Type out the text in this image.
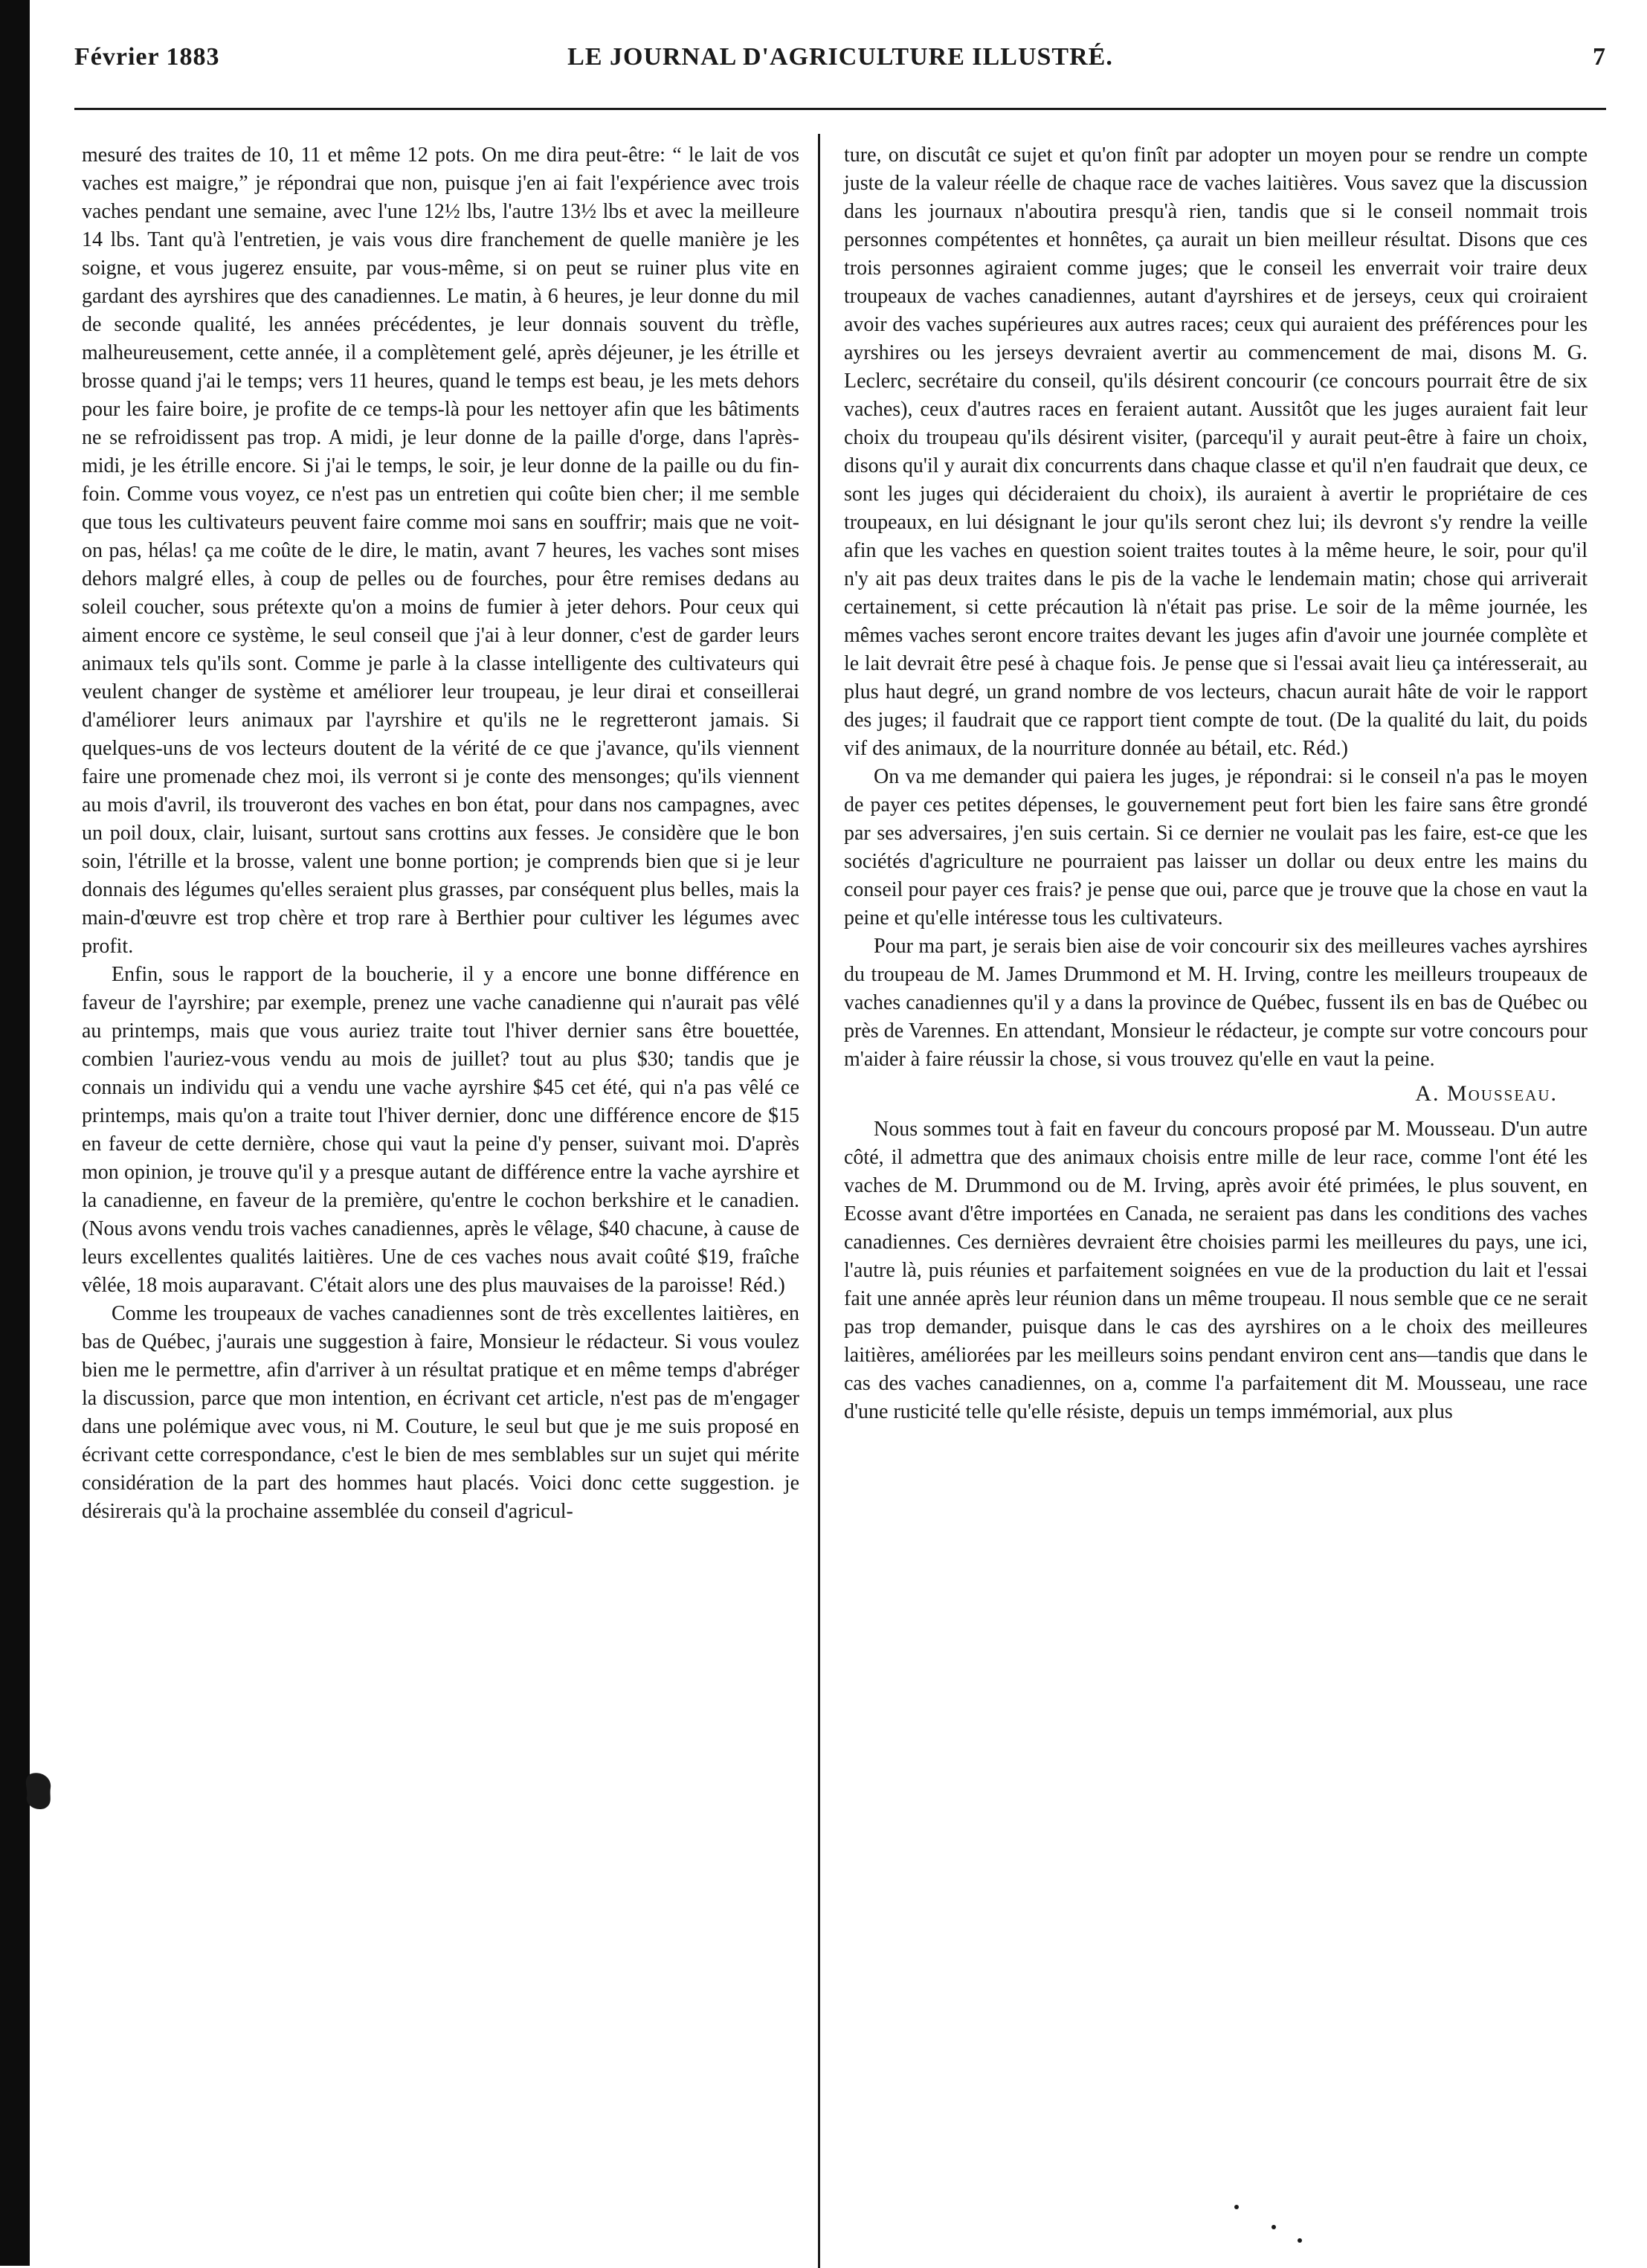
Février 1883	LE JOURNAL D'AGRICULTURE ILLUSTRÉ.	7

mesuré des traites de 10, 11 et même 12 pots. On me dira peut-être: “ le lait de vos vaches est maigre,” je répondrai que non, puisque j'en ai fait l'expérience avec trois vaches pendant une semaine, avec l'une 12½ lbs, l'autre 13½ lbs et avec la meilleure 14 lbs. Tant qu'à l'entretien, je vais vous dire franchement de quelle manière je les soigne, et vous jugerez ensuite, par vous-même, si on peut se ruiner plus vite en gardant des ayrshires que des canadiennes. Le matin, à 6 heures, je leur donne du mil de seconde qualité, les années précédentes, je leur donnais souvent du trèfle, malheureusement, cette année, il a complètement gelé, après déjeuner, je les étrille et brosse quand j'ai le temps; vers 11 heures, quand le temps est beau, je les mets dehors pour les faire boire, je profite de ce temps-là pour les nettoyer afin que les bâtiments ne se refroidissent pas trop. A midi, je leur donne de la paille d'orge, dans l'après-midi, je les étrille encore. Si j'ai le temps, le soir, je leur donne de la paille ou du fin-foin. Comme vous voyez, ce n'est pas un entretien qui coûte bien cher; il me semble que tous les cultivateurs peuvent faire comme moi sans en souffrir; mais que ne voit-on pas, hélas! ça me coûte de le dire, le matin, avant 7 heures, les vaches sont mises dehors malgré elles, à coup de pelles ou de fourches, pour être remises dedans au soleil coucher, sous prétexte qu'on a moins de fumier à jeter dehors. Pour ceux qui aiment encore ce système, le seul conseil que j'ai à leur donner, c'est de garder leurs animaux tels qu'ils sont. Comme je parle à la classe intelligente des cultivateurs qui veulent changer de système et améliorer leur troupeau, je leur dirai et conseillerai d'améliorer leurs animaux par l'ayrshire et qu'ils ne le regretteront jamais. Si quelques-uns de vos lecteurs doutent de la vérité de ce que j'avance, qu'ils viennent faire une promenade chez moi, ils verront si je conte des mensonges; qu'ils viennent au mois d'avril, ils trouveront des vaches en bon état, pour dans nos campagnes, avec un poil doux, clair, luisant, surtout sans crottins aux fesses. Je considère que le bon soin, l'étrille et la brosse, valent une bonne portion; je comprends bien que si je leur donnais des légumes qu'elles seraient plus grasses, par conséquent plus belles, mais la main-d'œuvre est trop chère et trop rare à Berthier pour cultiver les légumes avec profit.

Enfin, sous le rapport de la boucherie, il y a encore une bonne différence en faveur de l'ayrshire; par exemple, prenez une vache canadienne qui n'aurait pas vêlé au printemps, mais que vous auriez traite tout l'hiver dernier sans être bouettée, combien l'auriez-vous vendu au mois de juillet? tout au plus $30; tandis que je connais un individu qui a vendu une vache ayrshire $45 cet été, qui n'a pas vêlé ce printemps, mais qu'on a traite tout l'hiver dernier, donc une différence encore de $15 en faveur de cette dernière, chose qui vaut la peine d'y penser, suivant moi. D'après mon opinion, je trouve qu'il y a presque autant de différence entre la vache ayrshire et la canadienne, en faveur de la première, qu'entre le cochon berkshire et le canadien. (Nous avons vendu trois vaches canadiennes, après le vêlage, $40 chacune, à cause de leurs excellentes qualités laitières. Une de ces vaches nous avait coûté $19, fraîche vêlée, 18 mois auparavant. C'était alors une des plus mauvaises de la paroisse! Réd.)

Comme les troupeaux de vaches canadiennes sont de très excellentes laitières, en bas de Québec, j'aurais une suggestion à faire, Monsieur le rédacteur. Si vous voulez bien me le permettre, afin d'arriver à un résultat pratique et en même temps d'abréger la discussion, parce que mon intention, en écrivant cet article, n'est pas de m'engager dans une polémique avec vous, ni M. Couture, le seul but que je me suis proposé en écrivant cette correspondance, c'est le bien de mes semblables sur un sujet qui mérite considération de la part des hommes haut placés. Voici donc cette suggestion. je désirerais qu'à la prochaine assemblée du conseil d'agricul-

ture, on discutât ce sujet et qu'on finît par adopter un moyen pour se rendre un compte juste de la valeur réelle de chaque race de vaches laitières. Vous savez que la discussion dans les journaux n'aboutira presqu'à rien, tandis que si le conseil nommait trois personnes compétentes et honnêtes, ça aurait un bien meilleur résultat. Disons que ces trois personnes agiraient comme juges; que le conseil les enverrait voir traire deux troupeaux de vaches canadiennes, autant d'ayrshires et de jerseys, ceux qui croiraient avoir des vaches supérieures aux autres races; ceux qui auraient des préférences pour les ayrshires ou les jerseys devraient avertir au commencement de mai, disons M. G. Leclerc, secrétaire du conseil, qu'ils désirent concourir (ce concours pourrait être de six vaches), ceux d'autres races en feraient autant. Aussitôt que les juges auraient fait leur choix du troupeau qu'ils désirent visiter, (parcequ'il y aurait peut-être à faire un choix, disons qu'il y aurait dix concurrents dans chaque classe et qu'il n'en faudrait que deux, ce sont les juges qui décideraient du choix), ils auraient à avertir le propriétaire de ces troupeaux, en lui désignant le jour qu'ils seront chez lui; ils devront s'y rendre la veille afin que les vaches en question soient traites toutes à la même heure, le soir, pour qu'il n'y ait pas deux traites dans le pis de la vache le lendemain matin; chose qui arriverait certainement, si cette précaution là n'était pas prise. Le soir de la même journée, les mêmes vaches seront encore traites devant les juges afin d'avoir une journée complète et le lait devrait être pesé à chaque fois. Je pense que si l'essai avait lieu ça intéresserait, au plus haut degré, un grand nombre de vos lecteurs, chacun aurait hâte de voir le rapport des juges; il faudrait que ce rapport tient compte de tout. (De la qualité du lait, du poids vif des animaux, de la nourriture donnée au bétail, etc. Réd.)

On va me demander qui paiera les juges, je répondrai: si le conseil n'a pas le moyen de payer ces petites dépenses, le gouvernement peut fort bien les faire sans être grondé par ses adversaires, j'en suis certain. Si ce dernier ne voulait pas les faire, est-ce que les sociétés d'agriculture ne pourraient pas laisser un dollar ou deux entre les mains du conseil pour payer ces frais? je pense que oui, parce que je trouve que la chose en vaut la peine et qu'elle intéresse tous les cultivateurs.

Pour ma part, je serais bien aise de voir concourir six des meilleures vaches ayrshires du troupeau de M. James Drummond et M. H. Irving, contre les meilleurs troupeaux de vaches canadiennes qu'il y a dans la province de Québec, fussent ils en bas de Québec ou près de Varennes. En attendant, Monsieur le rédacteur, je compte sur votre concours pour m'aider à faire réussir la chose, si vous trouvez qu'elle en vaut la peine.

A. Mousseau.

Nous sommes tout à fait en faveur du concours proposé par M. Mousseau. D'un autre côté, il admettra que des animaux choisis entre mille de leur race, comme l'ont été les vaches de M. Drummond ou de M. Irving, après avoir été primées, le plus souvent, en Ecosse avant d'être importées en Canada, ne seraient pas dans les conditions des vaches canadiennes. Ces dernières devraient être choisies parmi les meilleures du pays, une ici, l'autre là, puis réunies et parfaitement soignées en vue de la production du lait et l'essai fait une année après leur réunion dans un même troupeau. Il nous semble que ce ne serait pas trop demander, puisque dans le cas des ayrshires on a le choix des meilleures laitières, améliorées par les meilleurs soins pendant environ cent ans—tandis que dans le cas des vaches canadiennes, on a, comme l'a parfaitement dit M. Mousseau, une race d'une rusticité telle qu'elle résiste, depuis un temps immémorial, aux plus
